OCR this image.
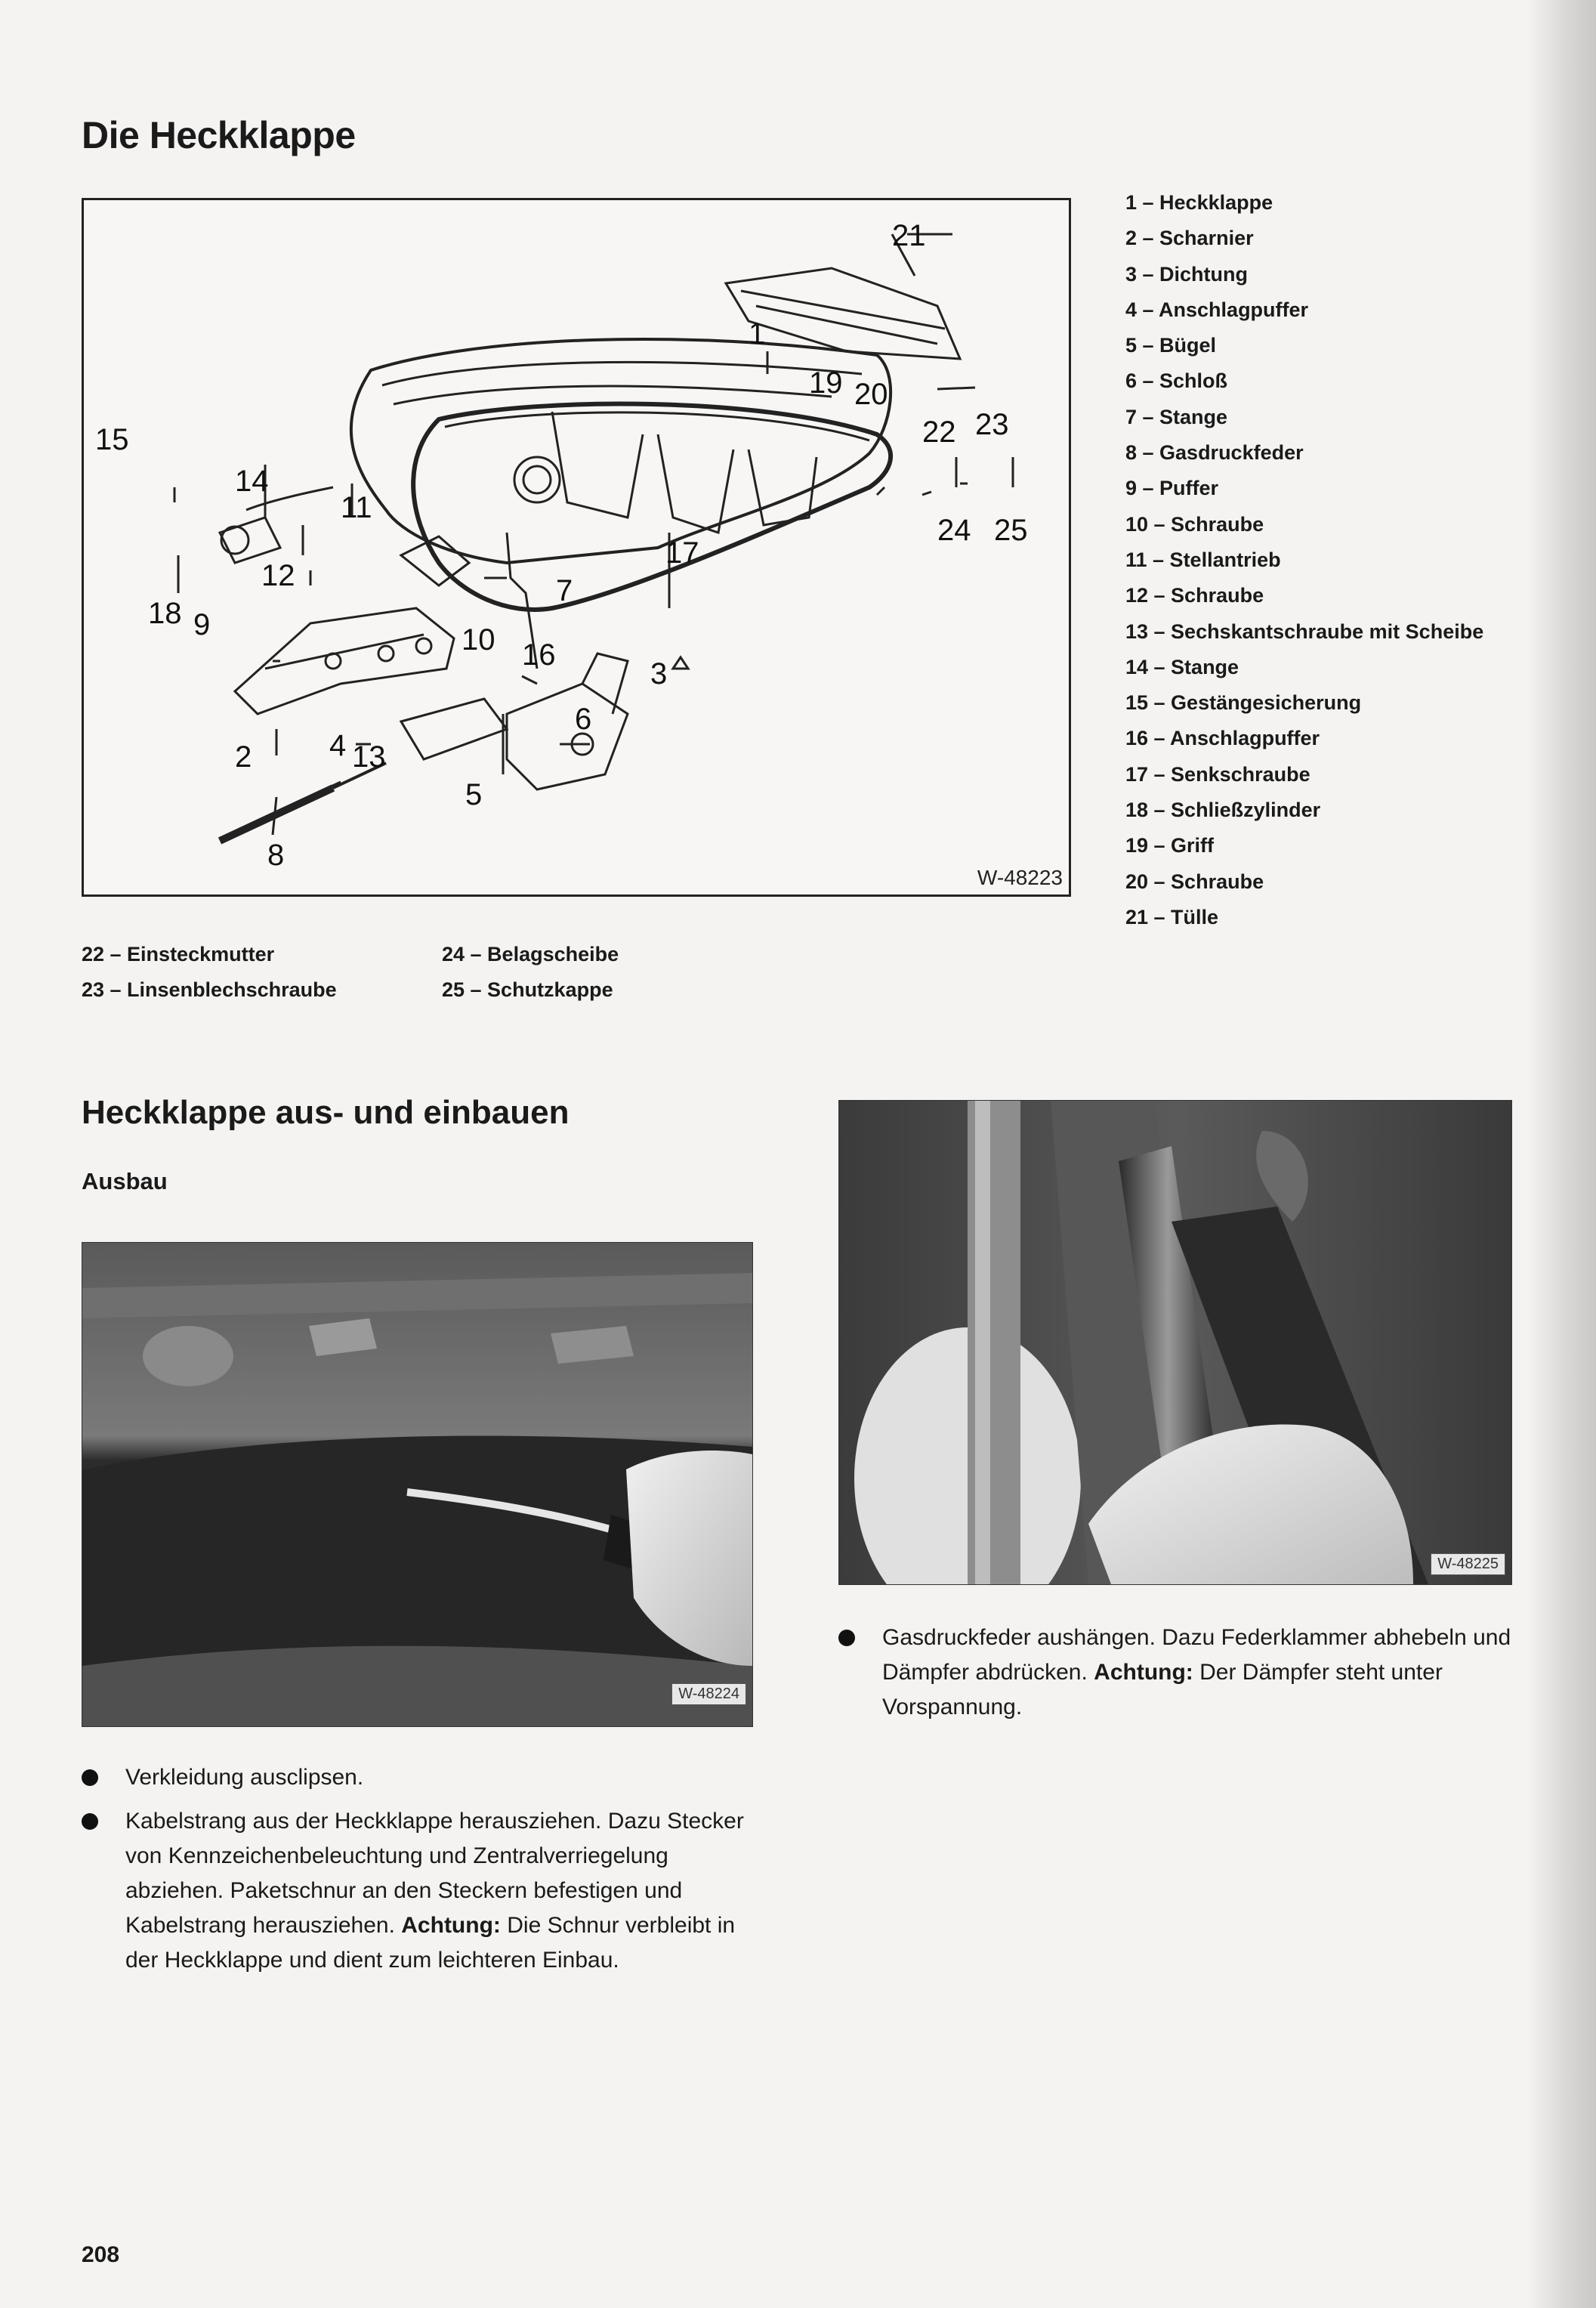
Die Heckklappe
21
1
19 20
22 23
24 25
15
14
11
12
18 9
17
7
10 16
3
6
2	4 13
5
8
W-48223
1 – Heckklappe
2 – Scharnier
3 – Dichtung
4 – Anschlagpuffer
5 – Bügel
6 – Schloß
7 – Stange
8 – Gasdruckfeder
9 – Puffer
10 – Schraube
11 – Stellantrieb
12 – Schraube
13 – Sechskantschraube mit Scheibe
14 – Stange
15 – Gestängesicherung
16 – Anschlagpuffer
17 – Senkschraube
18 – Schließzylinder
19 – Griff
20 – Schraube
21 – Tülle
22 – Einsteckmutter
23 – Linsenblechschraube
24 – Belagscheibe
25 – Schutzkappe
Heckklappe aus- und einbauen
Ausbau
W-48224
W-48225
Gasdruckfeder aushängen. Dazu Federklammer abhebeln und Dämpfer abdrücken. Achtung: Der Dämpfer steht unter Vorspannung.
Verkleidung ausclipsen.
Kabelstrang aus der Heckklappe herausziehen. Dazu Stecker von Kennzeichenbeleuchtung und Zentralverriegelung abziehen. Paketschnur an den Steckern befestigen und Kabelstrang herausziehen. Achtung: Die Schnur verbleibt in der Heckklappe und dient zum leichteren Einbau.
208
